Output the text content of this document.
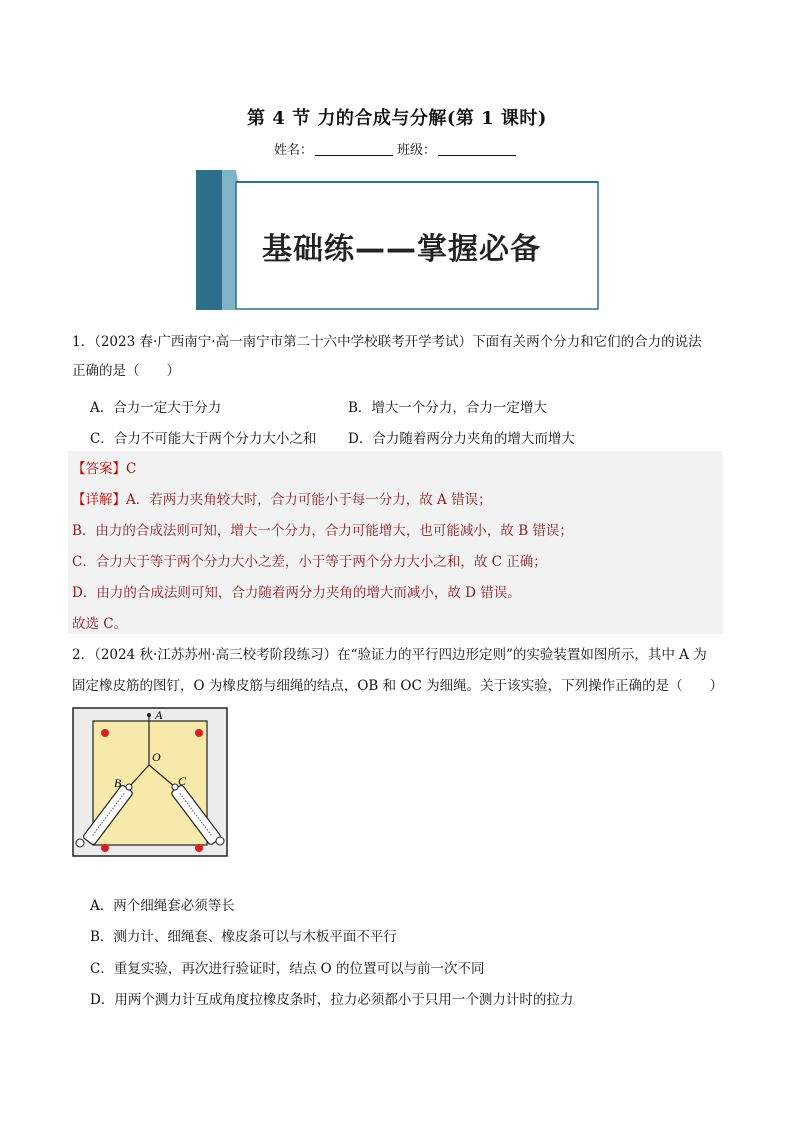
第 4 节 力的合成与分解(第 1 课时)
姓名：	班级：
基础练——掌握必备
1．（2023 春·广西南宁·高一南宁市第二十六中学校联考开学考试）下面有关两个分力和它们的合力的说法
正确的是（　　）
A．合力一定大于分力	B．增大一个分力，合力一定增大
C．合力不可能大于两个分力大小之和 D．合力随着两分力夹角的增大而增大
【答案】C
【详解】A．若两力夹角较大时，合力可能小于每一分力，故 A 错误；
B．由力的合成法则可知，增大一个分力，合力可能增大，也可能减小，故 B 错误；
C．合力大于等于两个分力大小之差，小于等于两个分力大小之和，故 C 正确；
D．由力的合成法则可知，合力随着两分力夹角的增大而减小，故 D 错误。
故选 C。
2．（2024 秋·江苏苏州·高三校考阶段练习）在“验证力的平行四边形定则”的实验装置如图所示，其中 A 为
固定橡皮筋的图钉，O 为橡皮筋与细绳的结点，OB 和 OC 为细绳。关于该实验，下列操作正确的是（　　）
A
O
B	C
A．两个细绳套必须等长
B．测力计、细绳套、橡皮条可以与木板平面不平行
C．重复实验，再次进行验证时，结点 O 的位置可以与前一次不同
D．用两个测力计互成角度拉橡皮条时，拉力必须都小于只用一个测力计时的拉力
